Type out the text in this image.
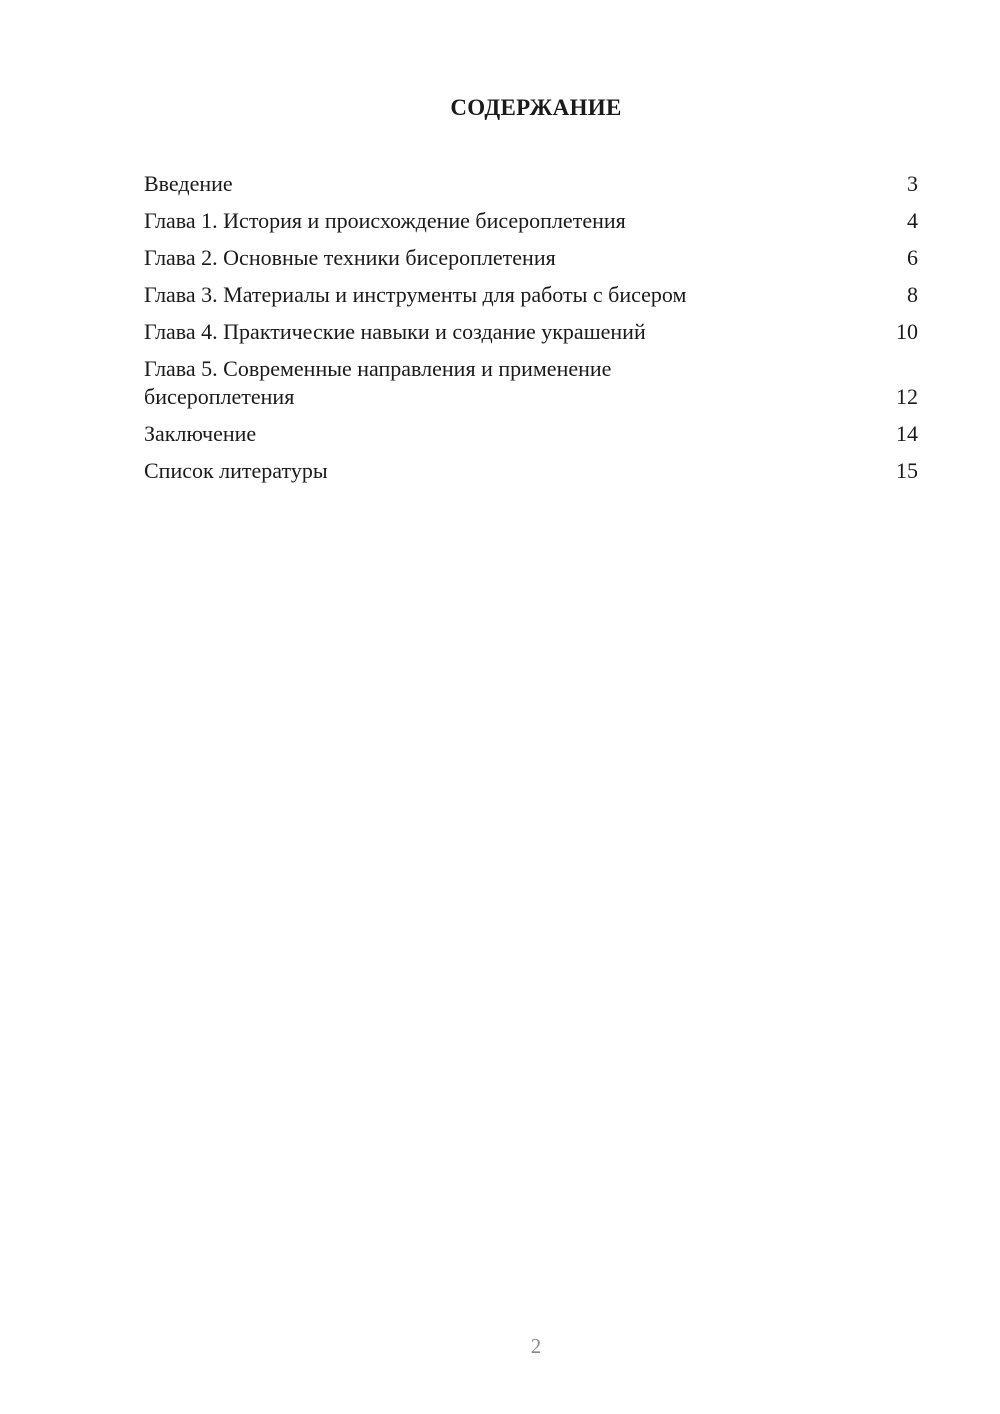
СОДЕРЖАНИЕ
Введение	3
Глава 1. История и происхождение бисероплетения	4
Глава 2. Основные техники бисероплетения	6
Глава 3. Материалы и инструменты для работы с бисером	8
Глава 4. Практические навыки и создание украшений	10
Глава 5. Современные направления и применение бисероплетения	12
Заключение	14
Список литературы	15
2
